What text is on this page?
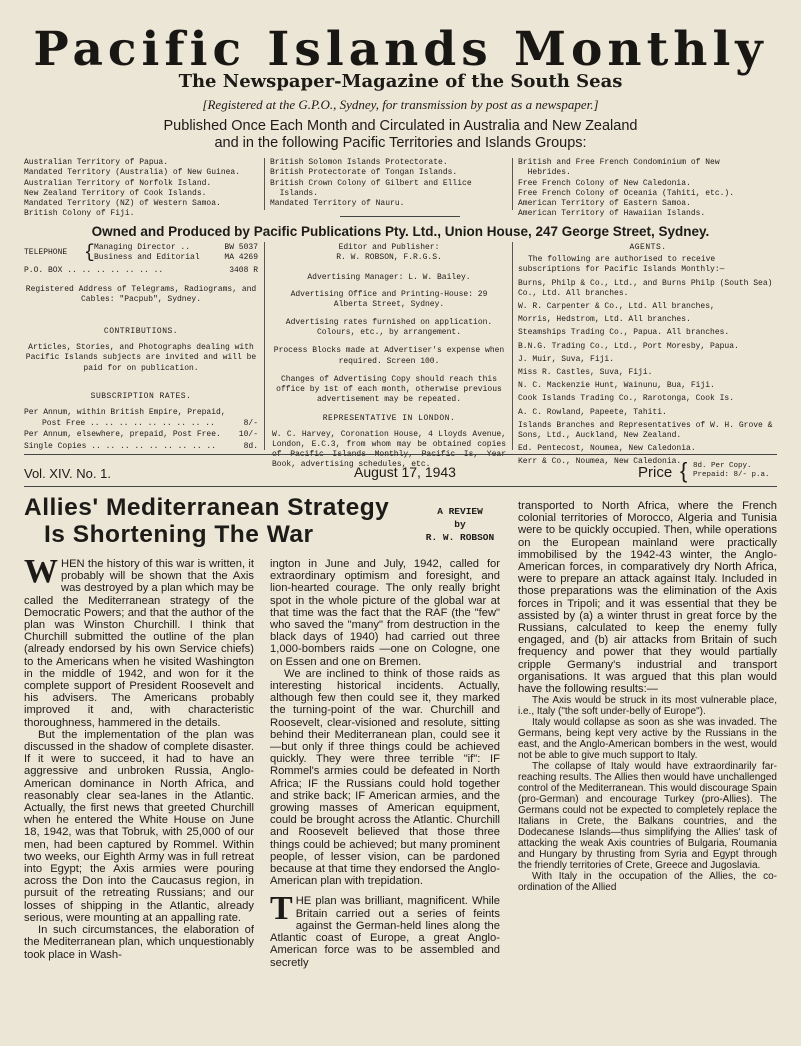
Pacific Islands Monthly
The Newspaper-Magazine of the South Seas
[Registered at the G.P.O., Sydney, for transmission by post as a newspaper.]
Published Once Each Month and Circulated in Australia and New Zealand
and in the following Pacific Territories and Islands Groups:
Australian Territory of Papua.
Mandated Territory (Australia) of New Guinea.
Australian Territory of Norfolk Island.
New Zealand Territory of Cook Islands.
Mandated Territory (NZ) of Western Samoa.
British Colony of Fiji.
British Solomon Islands Protectorate.
British Protectorate of Tongan Islands.
British Crown Colony of Gilbert and Ellice
Islands.
Mandated Territory of Nauru.
British and Free French Condominium of New
Hebrides.
Free French Colony of New Caledonia.
Free French Colony of Oceania (Tahiti, etc.).
American Territory of Eastern Samoa.
American Territory of Hawaiian Islands.
Owned and Produced by Pacific Publications Pty. Ltd., Union House, 247 George Street, Sydney.
TELEPHONE { Managing Director ..	BW 5037
Business and Editorial	MA 4269
P.O. BOX .. .. .. .. .. .. ..	3408 R
Registered Address of Telegrams, Radiograms, and Cables: "Pacpub", Sydney.
CONTRIBUTIONS.
Articles, Stories, and Photographs dealing with Pacific Islands subjects are invited and will be paid for on publication.
SUBSCRIPTION RATES.
Per Annum, within British Empire, Prepaid,
Post Free .. .. .. .. .. .. .. .. ..	8/-
Per Annum, elsewhere, prepaid, Post Free. 10/-
Single Copies .. .. .. .. .. .. .. .. ..	8d.
Editor and Publisher:
R. W. ROBSON, F.R.G.S.
Advertising Manager: L. W. Bailey.
Advertising Office and Printing-House: 29 Alberta Street, Sydney.
Advertising rates furnished on application. Colours, etc., by arrangement.
Process Blocks made at Advertiser's expense when required. Screen 100.
Changes of Advertising Copy should reach this office by 1st of each month, otherwise previous advertisement may be repeated.
REPRESENTATIVE IN LONDON.
W. C. Harvey, Coronation House, 4 Lloyds Avenue, London, E.C.3, from whom may be obtained copies Book, advertising schedules, etc.
AGENTS.
The following are authorised to receive subscriptions for Pacific Islands Monthly:—
Burns, Philp & Co., Ltd., and Burns Philp (South Sea) Co., Ltd. All branches.
W. R. Carpenter & Co., Ltd. All branches,
Morris, Hedstrom, Ltd. All branches.
Steamships Trading Co., Papua. All branches.
B.N.G. Trading Co., Ltd., Port Moresby, Papua.
J. Muir, Suva, Fiji.
Miss R. Castles, Suva, Fiji.
N. C. Mackenzie Hunt, Wainunu, Bua, Fiji.
Cook Islands Trading Co., Rarotonga, Cook Is.
A. C. Rowland, Papeete, Tahiti.
Islands Branches and Representatives of W. H. Grove & Sons, Ltd., Auckland, New Zealand.
Ed. Pentecost, Noumea, New Caledonia.
Kerr & Co., Noumea, New Caledonia.
Vol. XIV. No. 1.	August 17, 1943	Price { 8d. Per Copy.
Prepaid: 8/- p.a.
Allies' Mediterranean Strategy
Is Shortening The War
A REVIEW
by
R. W. ROBSON

WHEN the history of this war is written, it probably will be shown that the Axis was destroyed by a plan which may be called the Mediterranean strategy of the Democratic Powers; and that the author of the plan was Winston Churchill. I think that Churchill submitted the outline of the plan (already endorsed by his own Service chiefs) to the Americans when he visited Washington in the middle of 1942, and won for it the complete support of President Roosevelt and his advisers. The Americans probably improved it and, with characteristic thoroughness, hammered in the details.

But the implementation of the plan was discussed in the shadow of complete disaster. If it were to succeed, it had to have an aggressive and unbroken Russia, Anglo-American dominance in North Africa, and reasonably clear sea-lanes in the Atlantic. Actually, the first news that greeted Churchill when he entered the White House on June 18, 1942, was that Tobruk, with 25,000 of our men, had been captured by Rommel. Within two weeks, our Eighth Army was in full retreat into Egypt; the Axis armies were pouring across the Don into the Caucasus region, in pursuit of the retreating Russians; and our losses of shipping in the Atlantic, already serious, were mounting at an appalling rate.

In such circumstances, the elaboration of the Mediterranean plan, which unquestionably took place in Wash-

ington in June and July, 1942, called for extraordinary optimism and foresight, and lion-hearted courage. The only really bright spot in the whole picture of the global war at that time was the fact that the RAF (the "few" who saved the "many" from destruction in the black days of 1940) had carried out three 1,000-bombers raids —one on Cologne, one on Essen and one on Bremen.

We are inclined to think of those raids as interesting historical incidents. Actually, although few then could see it, they marked the turning-point of the war. Churchill and Roosevelt, clear-visioned and resolute, sitting behind their Mediterranean plan, could see it—but only if three things could be achieved quickly. They were three terrible "if": IF Rommel's armies could be defeated in North Africa; IF the Russians could hold together and strike back; IF American armies, and the growing masses of American equipment, could be brought across the Atlantic. Churchill and Roosevelt believed that those three things could be achieved; but many prominent people, of lesser vision, can be pardoned because at that time they endorsed the Anglo-American plan with trepidation.

THE plan was brilliant, magnificent. While Britain carried out a series of feints against the German-held lines along the Atlantic coast of Europe, a great Anglo-American force was to be assembled and secretly

transported to North Africa, where the French colonial territories of Morocco, Algeria and Tunisia were to be quickly occupied. Then, while operations on the European mainland were practically immobilised by the 1942-43 winter, the Anglo-American forces, in comparatively dry North Africa, were to prepare an attack against Italy. Included in those preparations was the elimination of the Axis forces in Tripoli; and it was essential that they be assisted by (a) a winter thrust in great force by the Russians, calculated to keep the enemy fully engaged, and (b) air attacks from Britain of such frequency and power that they would partially cripple Germany's industrial and transport organisations. It was argued that this plan would have the following results:—

The Axis would be struck in its most vulnerable place, i.e., Italy ("the soft under-belly of Europe").

Italy would collapse as soon as she was invaded. The Germans, being kept very active by the Russians in the east, and the Anglo-American bombers in the west, would not be able to give much support to Italy.

The collapse of Italy would have extraordinarily far-reaching results. The Allies then would have unchallenged control of the Mediterranean. This would discourage Spain (pro-German) and encourage Turkey (pro-Allies). The Germans could not be expected to completely replace the Italians in Crete, the Balkans countries, and the Dodecanese Islands—thus simplifying the Allies' task of attacking the weak Axis countries of Bulgaria, Roumania and Hungary by thrusting from Syria and Egypt through the friendly territories of Crete, Greece and Jugoslavia.

With Italy in the occupation of the Allies, the co-ordination of the Allied
